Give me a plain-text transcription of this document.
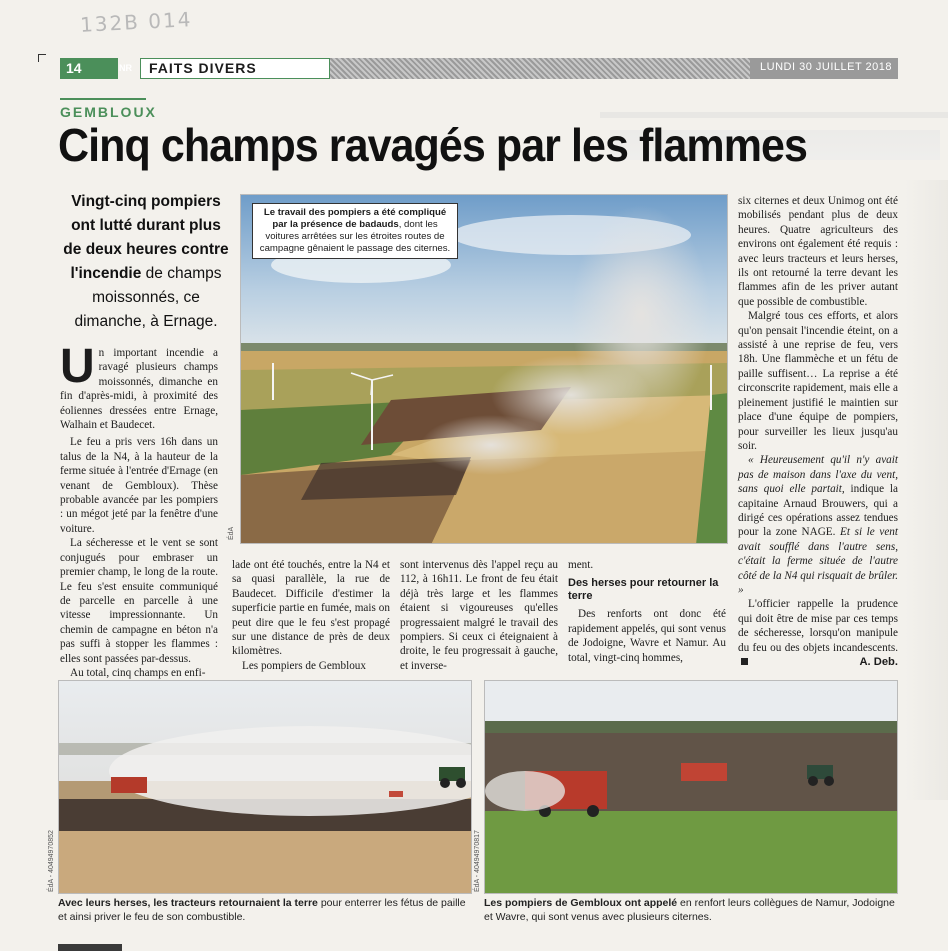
132B 014
14	NR	FAITS DIVERS	LUNDI 30 JUILLET 2018
GEMBLOUX
Cinq champs ravagés par les flammes
Vingt-cinq pompiers ont lutté durant plus de deux heures contre l'incendie de champs moissonnés, ce dimanche, à Ernage.
Le travail des pompiers a été compliqué par la présence de badauds, dont les voitures arrêtées sur les étroites routes de campagne gênaient le passage des citernes.
ÉdA

Un important incendie a ravagé plusieurs champs moissonnés, dimanche en fin d'après-midi, à proximité des éoliennes dressées entre Ernage, Walhain et Baudecet.

Le feu a pris vers 16h dans un talus de la N4, à la hauteur de la ferme située à l'entrée d'Ernage (en venant de Gembloux). Thèse probable avancée par les pompiers : un mégot jeté par la fenêtre d'une voiture.

La sécheresse et le vent se sont conjugués pour embraser un premier champ, le long de la route. Le feu s'est ensuite communiqué de parcelle en parcelle à une vitesse impressionnante. Un chemin de campagne en béton n'a pas suffi à stopper les flammes : elles sont passées par-dessus.

Au total, cinq champs en enfi-

lade ont été touchés, entre la N4 et sa quasi parallèle, la rue de Baudecet. Difficile d'estimer la superficie partie en fumée, mais on peut dire que le feu s'est propagé sur une distance de près de deux kilomètres.

Les pompiers de Gembloux

sont intervenus dès l'appel reçu au 112, à 16h11. Le front de feu était déjà très large et les flammes étaient si vigoureuses qu'elles progressaient malgré le travail des pompiers. Si ceux ci éteignaient à droite, le feu progressait à gauche, et inverse-

ment.

Des herses pour retourner la terre

Des renforts ont donc été rapidement appelés, qui sont venus de Jodoigne, Wavre et Namur. Au total, vingt-cinq hommes,

six citernes et deux Unimog ont été mobilisés pendant plus de deux heures. Quatre agriculteurs des environs ont également été requis : avec leurs tracteurs et leurs herses, ils ont retourné la terre devant les flammes afin de les priver autant que possible de combustible.

Malgré tous ces efforts, et alors qu'on pensait l'incendie éteint, on a assisté à une reprise de feu, vers 18h. Une flammèche et un fétu de paille suffisent… La reprise a été circonscrite rapidement, mais elle a pleinement justifié le maintien sur place d'une équipe de pompiers, pour surveiller les lieux jusqu'au soir.

« Heureusement qu'il n'y avait pas de maison dans l'axe du vent, sans quoi elle partait, indique la capitaine Arnaud Brouwers, qui a dirigé ces opérations assez tendues pour la zone NAGE. Et si le vent avait soufflé dans l'autre sens, c'était la ferme située de l'autre côté de la N4 qui risquait de brûler. »

L'officier rappelle la prudence qui doit être de mise par ces temps de sécheresse, lorsqu'on manipule du feu ou des objets incandescents.
A. Deb.

ÉdA - 40494970852	ÉdA - 40494970817
Avec leurs herses, les tracteurs retournaient la terre pour enterrer les fétus de paille et ainsi priver le feu de son combustible.
Les pompiers de Gembloux ont appelé en renfort leurs collègues de Namur, Jodoigne et Wavre, qui sont venus avec plusieurs citernes.
